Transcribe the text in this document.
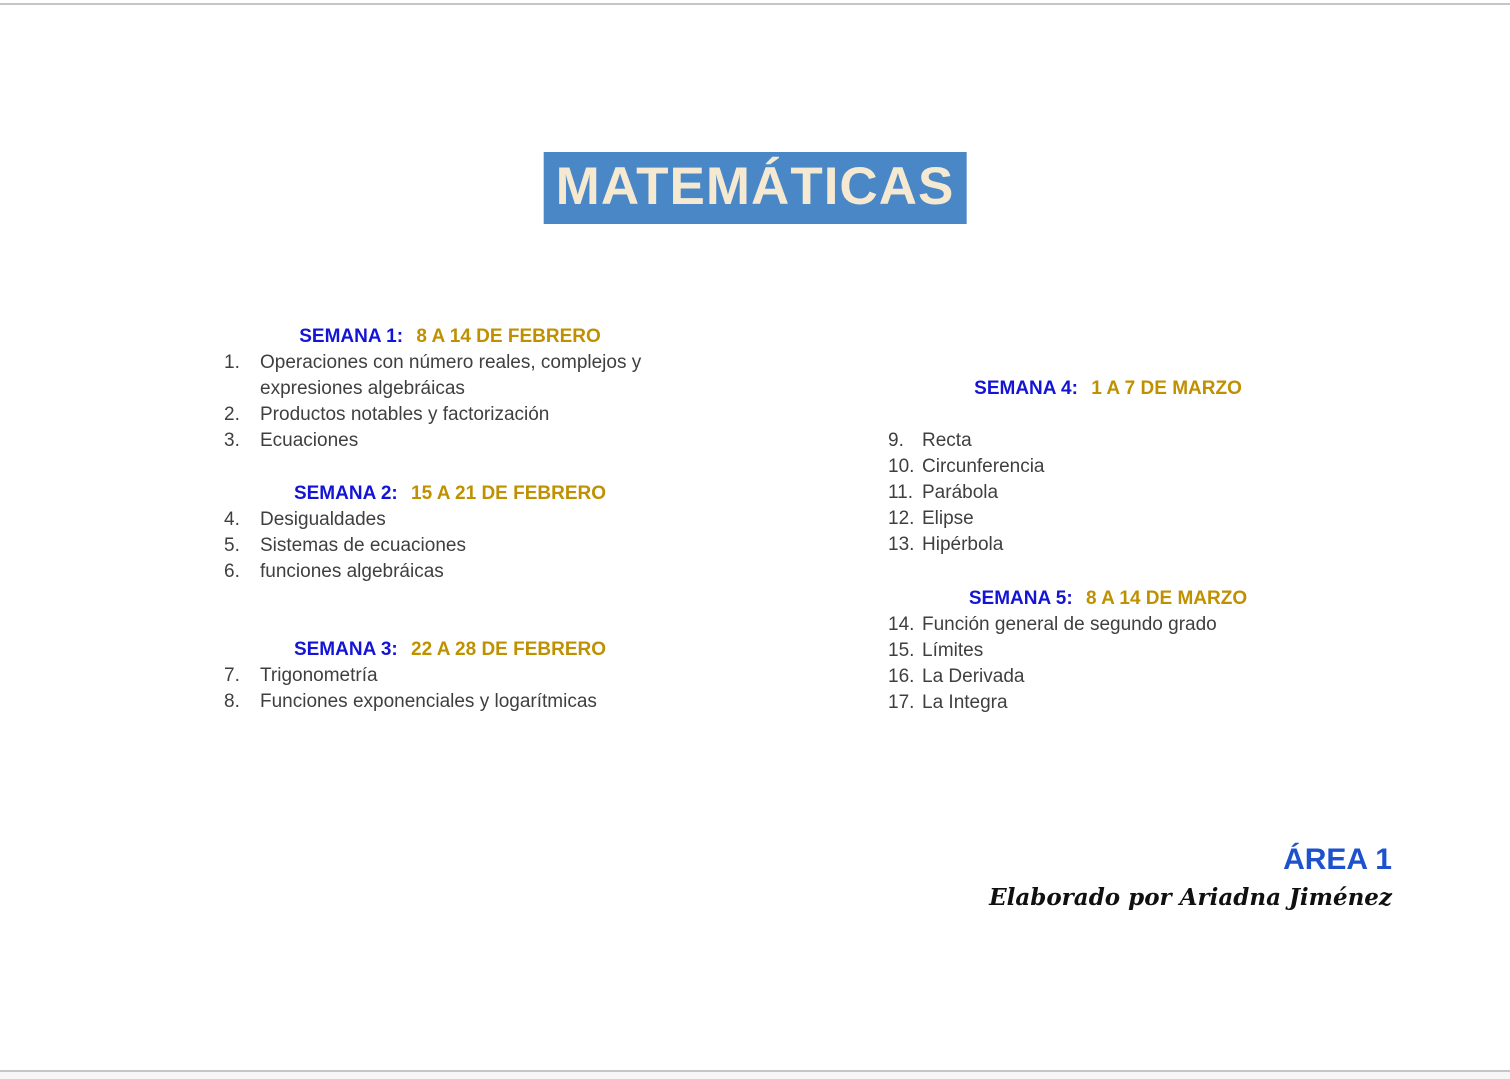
MATEMÁTICAS
SEMANA 1: 8 A 14 DE FEBRERO
1.	Operaciones con número reales, complejos y expresiones algebráicas
2.	Productos notables y factorización
3.	Ecuaciones
SEMANA 2: 15 A 21 DE FEBRERO
4.	Desigualdades
5.	Sistemas de ecuaciones
6.	funciones algebráicas
SEMANA 3: 22 A 28 DE FEBRERO
7.	Trigonometría
8.	Funciones exponenciales y logarítmicas
SEMANA 4: 1 A 7 DE MARZO
9. Recta
10. Circunferencia
11. Parábola
12. Elipse
13. Hipérbola
SEMANA 5: 8 A 14 DE MARZO
14. Función general de segundo grado
15. Límites
16. La Derivada
17. La Integra
ÁREA 1
Elaborado por Ariadna Jiménez
